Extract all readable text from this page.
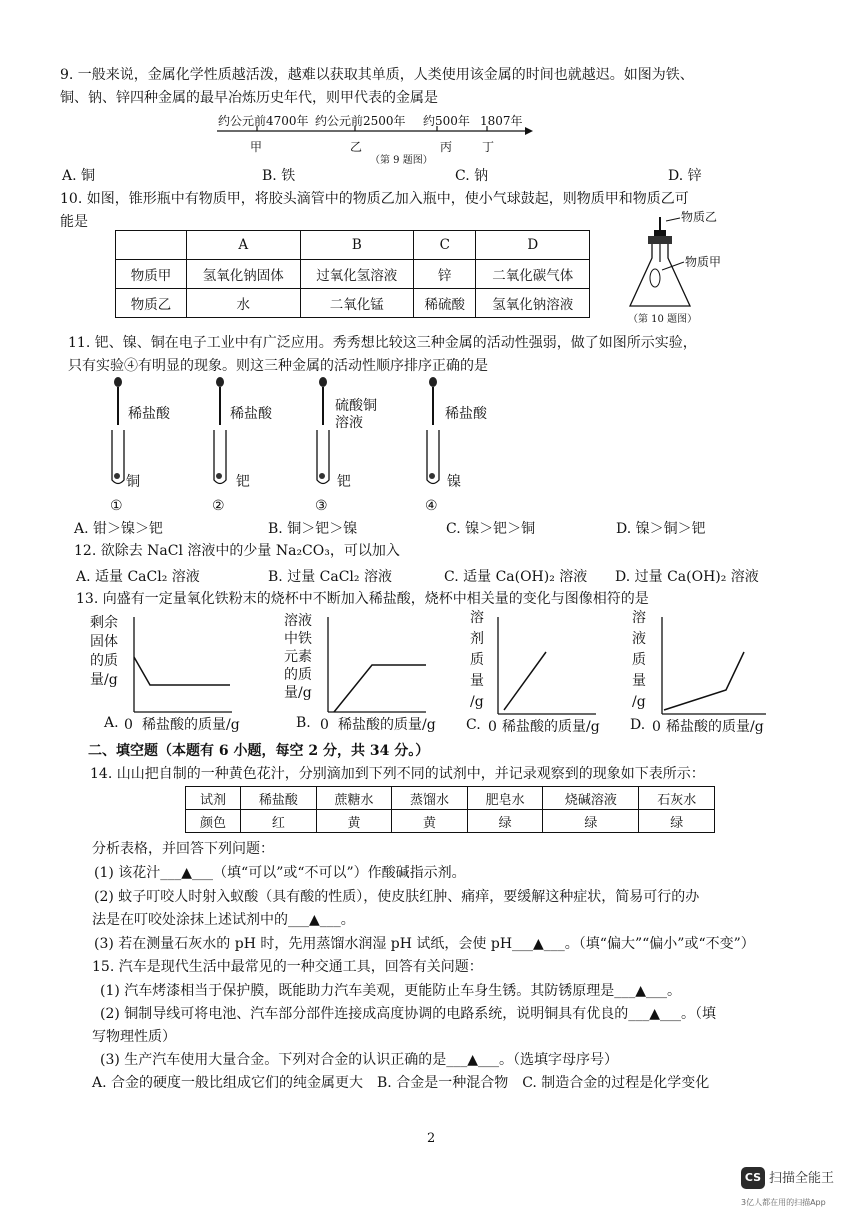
9. 一般来说，金属化学性质越活泼，越难以获取其单质，人类使用该金属的时间也就越迟。如图为铁、
铜、钠、锌四种金属的最早冶炼历史年代，则甲代表的金属是
约公元前4700年 约公元前2500年 约500年 1807年
甲	乙	丙 丁
（第 9 题图）
A. 铜	B. 铁	C. 钠	D. 锌
10. 如图，锥形瓶中有物质甲，将胶头滴管中的物质乙加入瓶中，使小气球鼓起，则物质甲和物质乙可
能是
	A	B	C	D
物质甲	氢氧化钠固体	过氧化氢溶液	锌	二氧化碳气体
物质乙	水	二氧化锰	稀硫酸	氢氧化钠溶液
物质乙
物质甲
（第 10 题图）
11. 钯、镍、铜在电子工业中有广泛应用。秀秀想比较这三种金属的活动性强弱，做了如图所示实验，
只有实验④有明显的现象。则这三种金属的活动性顺序排序正确的是
稀盐酸
铜
①
稀盐酸
钯
②
硫酸铜溶液
钯
③
稀盐酸
镍
④
A. 钳＞镍＞钯	B. 铜＞钯＞镍	C. 镍＞钯＞铜	D. 镍＞铜＞钯
12. 欲除去 NaCl 溶液中的少量 Na₂CO₃，可以加入
A. 适量 CaCl₂ 溶液	B. 过量 CaCl₂ 溶液	C. 适量 Ca(OH)₂ 溶液 D. 过量 Ca(OH)₂ 溶液
13. 向盛有一定量氧化铁粉末的烧杯中不断加入稀盐酸，烧杯中相关量的变化与图像相符的是
剩余
固体
的质
量/g
A. 0 稀盐酸的质量/g
溶液
中铁
元素
的质
量/g
B. 0 稀盐酸的质量/g
溶
剂
质
量
/g
C. 0 稀盐酸的质量/g
溶
液
质
量
/g
D. 0 稀盐酸的质量/g
二、填空题（本题有 6 小题，每空 2 分，共 34 分。）
14. 山山把自制的一种黄色花汁，分别滴加到下列不同的试剂中，并记录观察到的现象如下表所示：
试剂	稀盐酸	蔗糖水	蒸馏水	肥皂水	烧碱溶液	石灰水
颜色	红	黄	黄	绿	绿	绿
分析表格，并回答下列问题：
(1) 该花汁___▲___（填“可以”或“不可以”）作酸碱指示剂。
(2) 蚊子叮咬人时射入蚁酸（具有酸的性质），使皮肤红肿、痛痒，要缓解这种症状，简易可行的办
法是在叮咬处涂抹上述试剂中的___▲___。
(3) 若在测量石灰水的 pH 时，先用蒸馏水润湿 pH 试纸，会使 pH___▲___。（填“偏大”“偏小”或“不变”）
15. 汽车是现代生活中最常见的一种交通工具，回答有关问题：
(1) 汽车烤漆相当于保护膜，既能助力汽车美观，更能防止车身生锈。其防锈原理是___▲___。
(2) 铜制导线可将电池、汽车部分部件连接成高度协调的电路系统，说明铜具有优良的___▲___。（填
写物理性质）
(3) 生产汽车使用大量合金。下列对合金的认识正确的是___▲___。（选填字母序号）
A. 合金的硬度一般比组成它们的纯金属更大　B. 合金是一种混合物　C. 制造合金的过程是化学变化
2
CS 扫描全能王
3亿人都在用的扫描App
